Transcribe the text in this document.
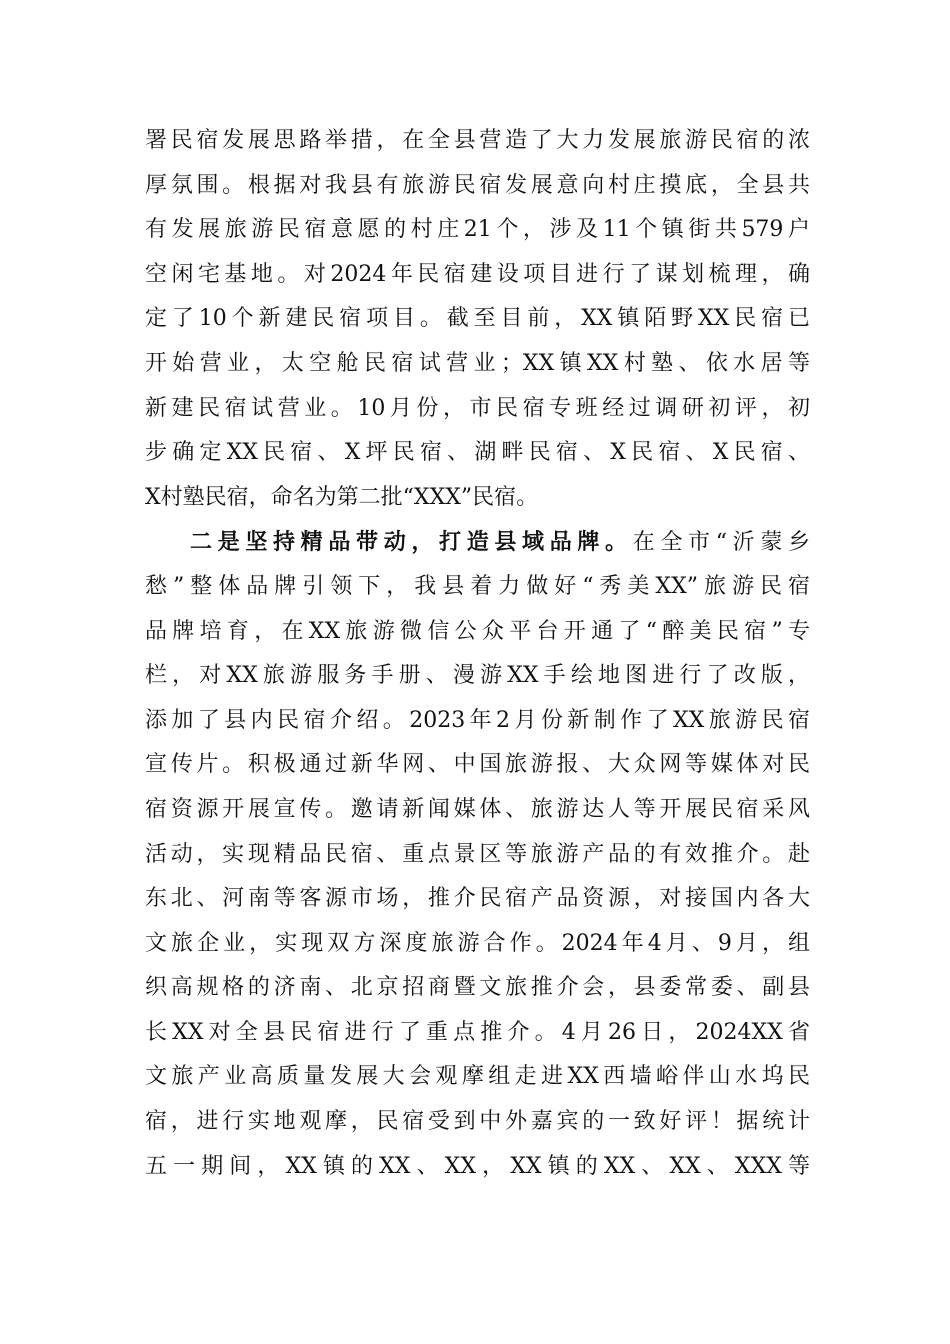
署民宿发展思路举措，在全县营造了大力发展旅游民宿的浓
厚氛围。根据对我县有旅游民宿发展意向村庄摸底，全县共
有发展旅游民宿意愿的村庄21个，涉及11个镇街共579户
空闲宅基地。对2024年民宿建设项目进行了谋划梳理，确
定了10个新建民宿项目。截至目前，XX镇陌野XX民宿已
开始营业，太空舱民宿试营业；XX镇XX村塾、依水居等
新建民宿试营业。10月份，市民宿专班经过调研初评，初
步确定XX民宿、X坪民宿、湖畔民宿、X民宿、X民宿、
X村塾民宿，命名为第二批“XXX”民宿。
二是坚持精品带动，打造县域品牌。在全市“沂蒙乡
愁”整体品牌引领下，我县着力做好“秀美XX”旅游民宿
品牌培育，在XX旅游微信公众平台开通了“醉美民宿”专
栏，对XX旅游服务手册、漫游XX手绘地图进行了改版，
添加了县内民宿介绍。2023年2月份新制作了XX旅游民宿
宣传片。积极通过新华网、中国旅游报、大众网等媒体对民
宿资源开展宣传。邀请新闻媒体、旅游达人等开展民宿采风
活动，实现精品民宿、重点景区等旅游产品的有效推介。赴
东北、河南等客源市场，推介民宿产品资源，对接国内各大
文旅企业，实现双方深度旅游合作。2024年4月、9月，组
织高规格的济南、北京招商暨文旅推介会，县委常委、副县
长XX对全县民宿进行了重点推介。4月26日，2024XX省
文旅产业高质量发展大会观摩组走进XX西墙峪伴山水坞民
宿，进行实地观摩，民宿受到中外嘉宾的一致好评！据统计
五一期间，XX镇的XX、XX，XX镇的XX、XX、XXX等
